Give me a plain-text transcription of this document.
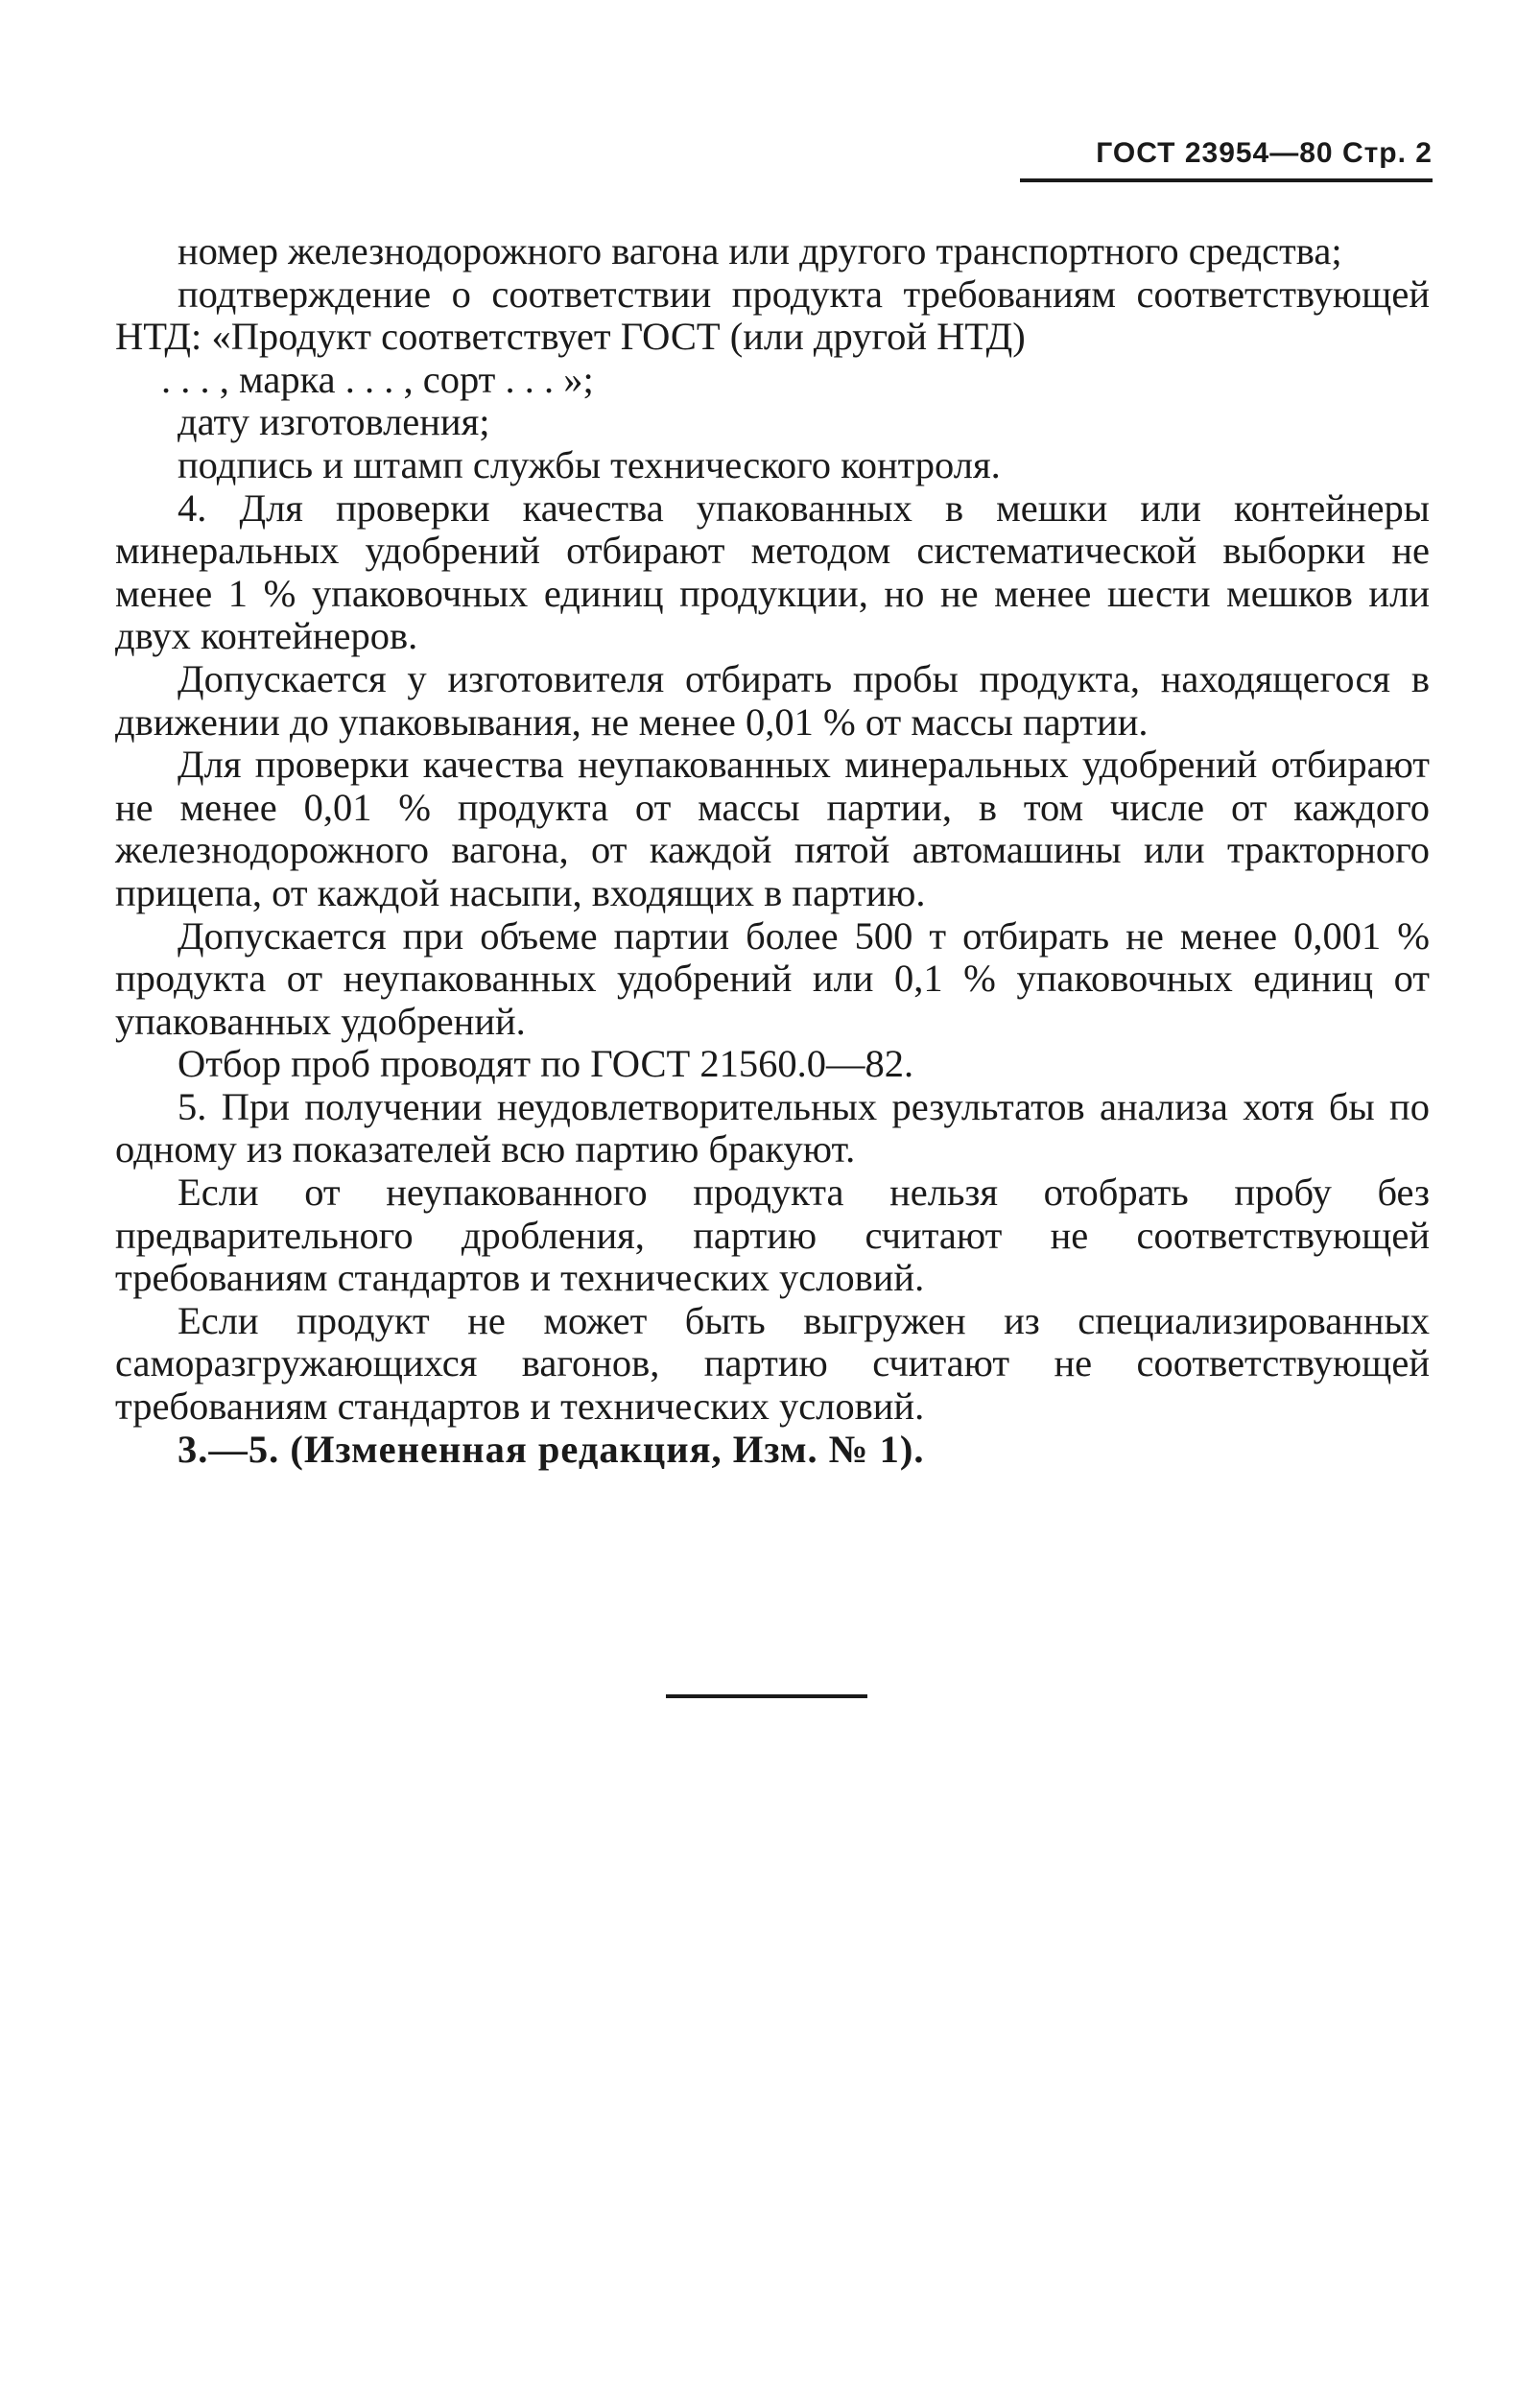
ГОСТ 23954—80 Стр. 2

номер железнодорожного вагона или другого транспортного средства;

подтверждение о соответствии продукта требованиям соответствующей НТД: «Продукт соответствует ГОСТ (или другой НТД)

. . . , марка . . . , сорт . . . »;

дату изготовления;

подпись и штамп службы технического контроля.

4. Для проверки качества упакованных в мешки или контейнеры минеральных удобрений отбирают методом систематической выборки не менее 1 % упаковочных единиц продукции, но не менее шести мешков или двух контейнеров.

Допускается у изготовителя отбирать пробы продукта, находящегося в движении до упаковывания, не менее 0,01 % от массы партии.

Для проверки качества неупакованных минеральных удобрений отбирают не менее 0,01 % продукта от массы партии, в том числе от каждого железнодорожного вагона, от каждой пятой автомашины или тракторного прицепа, от каждой насыпи, входящих в партию.

Допускается при объеме партии более 500 т отбирать не менее 0,001 % продукта от неупакованных удобрений или 0,1 % упаковочных единиц от упакованных удобрений.

Отбор проб проводят по ГОСТ 21560.0—82.

5. При получении неудовлетворительных результатов анализа хотя бы по одному из показателей всю партию бракуют.

Если от неупакованного продукта нельзя отобрать пробу без предварительного дробления, партию считают не соответствующей требованиям стандартов и технических условий.

Если продукт не может быть выгружен из специализированных саморазгружающихся вагонов, партию считают не соответствующей требованиям стандартов и технических условий.

3.—5. (Измененная редакция, Изм. № 1).
